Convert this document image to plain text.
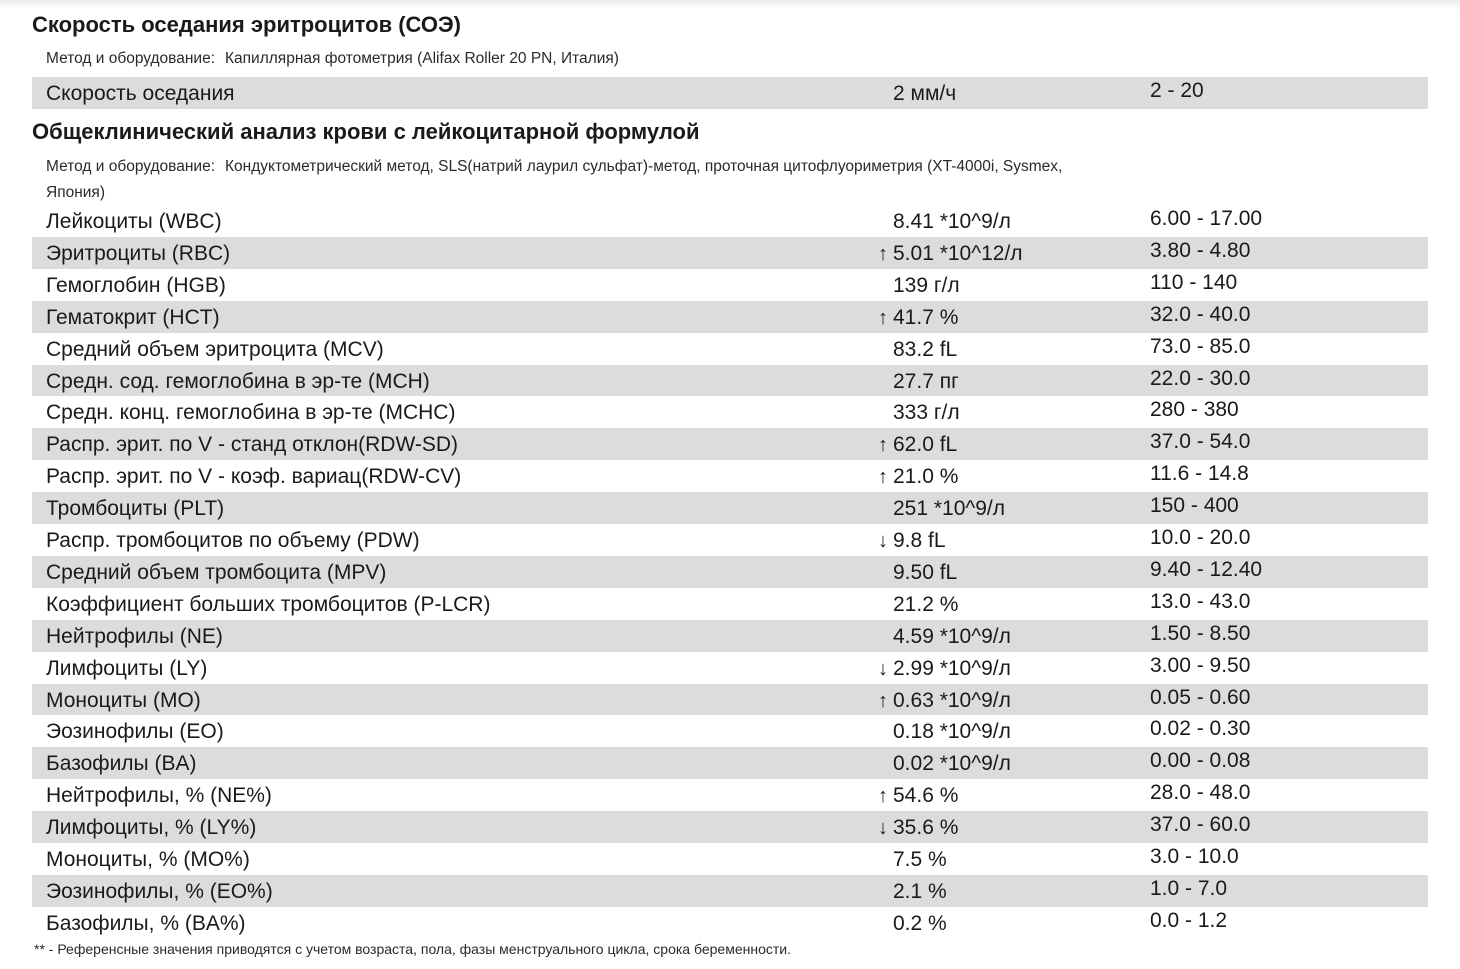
Скорость оседания эритроцитов (СОЭ)
Метод и оборудование: Капиллярная фотометрия (Alifax Roller 20 PN, Италия)
Скорость оседания	2 мм/ч	2 - 20
Общеклинический анализ крови с лейкоцитарной формулой
Метод и оборудование: Кондуктометрический метод, SLS(натрий лаурил сульфат)-метод, проточная цитофлуориметрия (XT-4000i, Sysmex,
Япония)
Лейкоциты (WBC)	8.41 *10^9/л	6.00 - 17.00
Эритроциты (RBC)	↑ 5.01 *10^12/л	3.80 - 4.80
Гемоглобин (HGB)	139 г/л	110 - 140
Гематокрит (HCT)	↑ 41.7 %	32.0 - 40.0
Средний объем эритроцита (MCV)	83.2 fL	73.0 - 85.0
Средн. сод. гемоглобина в эр-те (MCH)	27.7 пг	22.0 - 30.0
Средн. конц. гемоглобина в эр-те (MCHC)	333 г/л	280 - 380
Распр. эрит. по V - станд отклон(RDW-SD)	↑ 62.0 fL	37.0 - 54.0
Распр. эрит. по V - коэф. вариац(RDW-CV)	↑ 21.0 %	11.6 - 14.8
Тромбоциты (PLT)	251 *10^9/л	150 - 400
Распр. тромбоцитов по объему (PDW)	↓ 9.8 fL	10.0 - 20.0
Средний объем тромбоцита (MPV)	9.50 fL	9.40 - 12.40
Коэффициент больших тромбоцитов (P-LCR)	21.2 %	13.0 - 43.0
Нейтрофилы (NE)	4.59 *10^9/л	1.50 - 8.50
Лимфоциты (LY)	↓ 2.99 *10^9/л	3.00 - 9.50
Моноциты (MO)	↑ 0.63 *10^9/л	0.05 - 0.60
Эозинофилы (EO)	0.18 *10^9/л	0.02 - 0.30
Базофилы (BA)	0.02 *10^9/л	0.00 - 0.08
Нейтрофилы, % (NE%)	↑ 54.6 %	28.0 - 48.0
Лимфоциты, % (LY%)	↓ 35.6 %	37.0 - 60.0
Моноциты, % (MO%)	7.5 %	3.0 - 10.0
Эозинофилы, % (EO%)	2.1 %	1.0 - 7.0
Базофилы, % (BA%)	0.2 %	0.0 - 1.2
** - Референсные значения приводятся с учетом возраста, пола, фазы менструального цикла, срока беременности.
